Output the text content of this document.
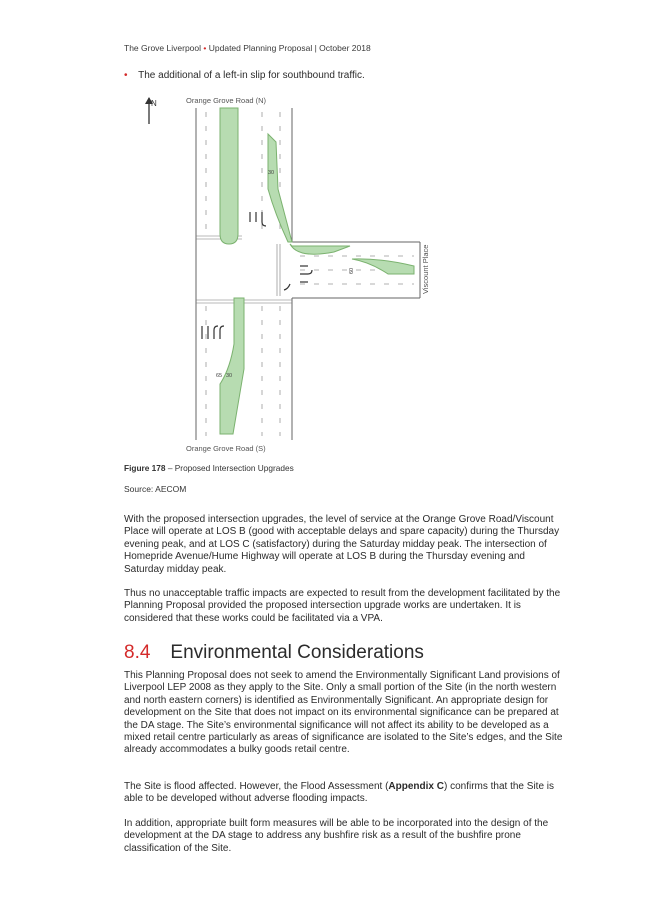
The Grove Liverpool • Updated Planning Proposal | October 2018
• The additional of a left-in slip for southbound traffic.
N	Orange Grove Road (N)
Orange Grove Road (S)
Viscount Place
30
60
65 30
Figure 178 – Proposed Intersection Upgrades
Source: AECOM
With the proposed intersection upgrades, the level of service at the Orange Grove Road/Viscount Place will operate at LOS B (good with acceptable delays and spare capacity) during the Thursday evening peak, and at LOS C (satisfactory) during the Saturday midday peak. The intersection of Homepride Avenue/Hume Highway will operate at LOS B during the Thursday evening and Saturday midday peak.
Thus no unacceptable traffic impacts are expected to result from the development facilitated by the Planning Proposal provided the proposed intersection upgrade works are undertaken. It is considered that these works could be facilitated via a VPA.
8.4 Environmental Considerations
This Planning Proposal does not seek to amend the Environmentally Significant Land provisions of Liverpool LEP 2008 as they apply to the Site. Only a small portion of the Site (in the north western and north eastern corners) is identified as Environmentally Significant. An appropriate design for development on the Site that does not impact on its environmental significance can be prepared at the DA stage. The Site’s environmental significance will not affect its ability to be developed as a mixed retail centre particularly as areas of significance are isolated to the Site’s edges, and the Site already accommodates a bulky goods retail centre.
The Site is flood affected. However, the Flood Assessment (Appendix C) confirms that the Site is able to be developed without adverse flooding impacts.
In addition, appropriate built form measures will be able to be incorporated into the design of the development at the DA stage to address any bushfire risk as a result of the bushfire prone classification of the Site.
